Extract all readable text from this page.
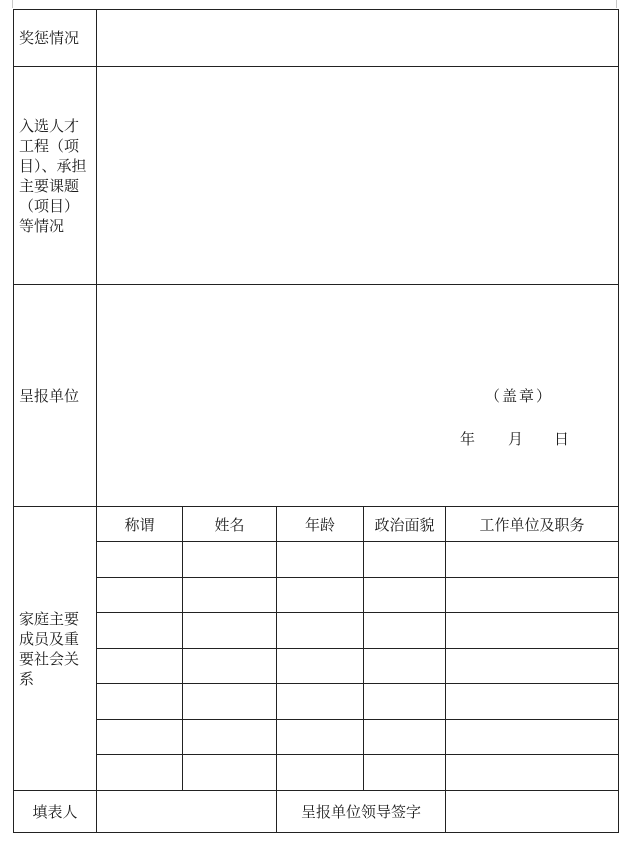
奖惩情况					
入选人才工程（项目）、承担主要课题（项目）等情况					
呈报单位	（盖章）
年 月 日				

家庭主要成员及重要社会关系	称谓	姓名	年龄	政治面貌	工作单位及职务

填表人			呈报单位领导签字		
